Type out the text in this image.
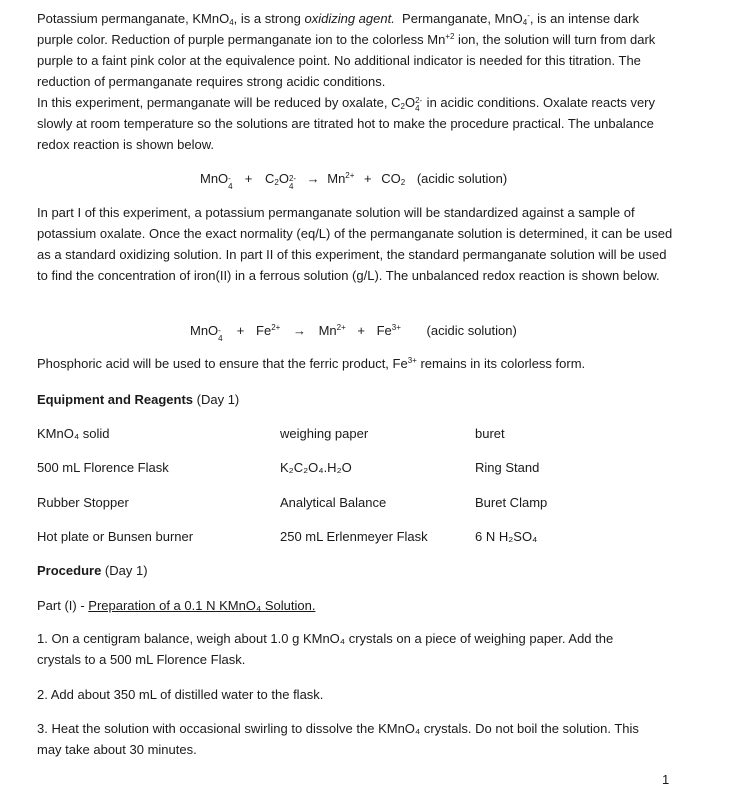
Potassium permanganate, KMnO$_4$, is a strong oxidizing agent.  Permanganate, MnO$_4$-, is an intense dark purple color. Reduction of purple permanganate ion to the colorless $Mn^{+2}$ ion, the solution will turn from dark purple to a faint pink color at the equivalence point. No additional indicator is needed for this titration. The reduction of permanganate requires strong acidic conditions.
In this experiment, permanganate will be reduced by oxalate, $C_2O$ 4
2- in acidic conditions. Oxalate reacts very slowly at room temperature so the solutions are titrated hot to make the procedure practical. The unbalance redox reaction is shown below.

MnO
4
- + $C_2O$
4
$2- \to Mn^{2+} + CO_2$ (acidic solution)

In part I of this experiment, a potassium permanganate solution will be standardized against a sample of potassium oxalate. Once the exact normality (eq/L) of the permanganate solution is determined, it can be used as a standard oxidizing solution. In part II of this experiment, the standard permanganate solution will be used to find the concentration of iron(II) in a ferrous solution (g/L). The unbalanced redox reaction is shown below.

MnO
4
- + $Fe^{2+} \to Mn^{2+} + Fe^{3+}$ (acidic solution)

Phosphoric acid will be used to ensure that the ferric product, $Fe^{3+}$ remains in its colorless form.

Equipment and Reagents (Day 1)
KMnO₄ solid	weighing paper	buret
500 mL Florence Flask	K₂C₂O₄.H₂O	Ring Stand
Rubber Stopper	Analytical Balance	Buret Clamp
Hot plate or Bunsen burner	250 mL Erlenmeyer Flask	6 N H₂SO₄
Procedure (Day 1)
Part (I) - Preparation of a 0.1 N KMnO₄ Solution.

1. On a centigram balance, weigh about 1.0 g KMnO₄ crystals on a piece of weighing paper. Add the crystals to a 500 mL Florence Flask.

2. Add about 350 mL of distilled water to the flask.

3. Heat the solution with occasional swirling to dissolve the KMnO₄ crystals. Do not boil the solution. This may take about 30 minutes.

1
